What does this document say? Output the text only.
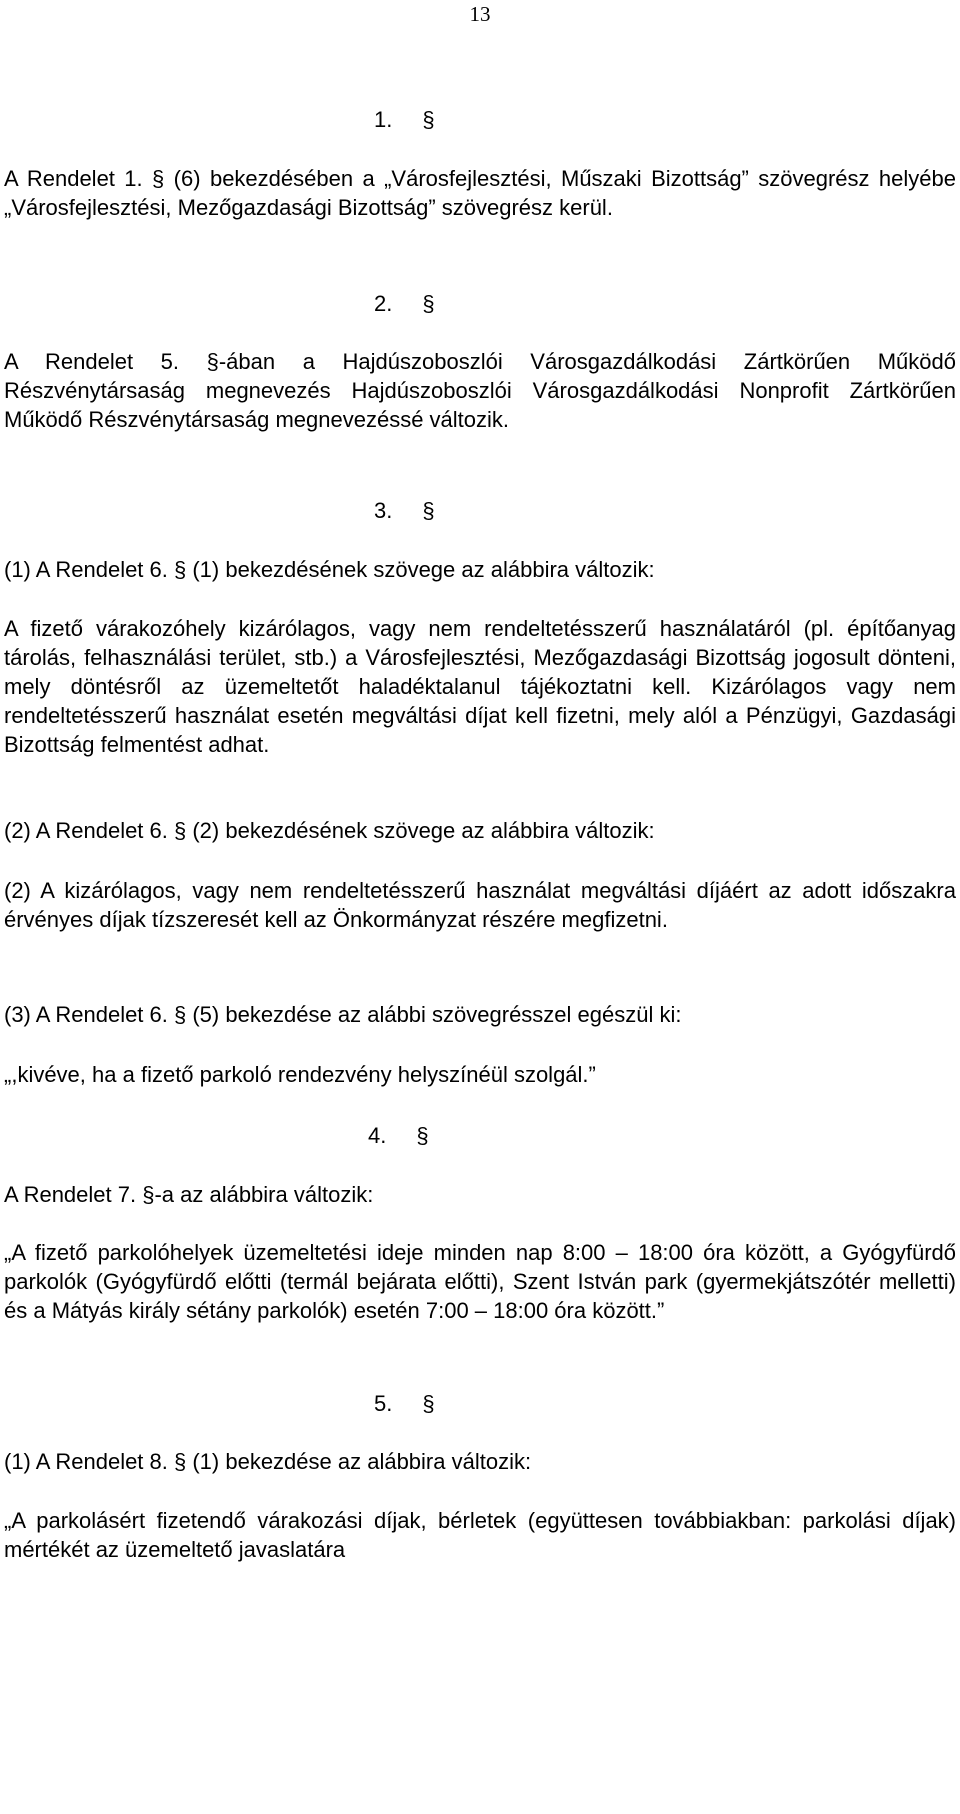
13
1. §
A Rendelet 1. § (6) bekezdésében a „Városfejlesztési, Műszaki Bizottság” szövegrész helyébe „Városfejlesztési, Mezőgazdasági Bizottság” szövegrész kerül.
2. §
A Rendelet 5. §-ában a Hajdúszoboszlói Városgazdálkodási Zártkörűen Működő Részvénytársaság megnevezés Hajdúszoboszlói Városgazdálkodási Nonprofit Zártkörűen Működő Részvénytársaság megnevezéssé változik.
3. §
(1) A Rendelet 6. § (1) bekezdésének szövege az alábbira változik:
A fizető várakozóhely kizárólagos, vagy nem rendeltetésszerű használatáról (pl. építőanyag tárolás, felhasználási terület, stb.) a Városfejlesztési, Mezőgazdasági Bizottság jogosult dönteni, mely döntésről az üzemeltetőt haladéktalanul tájékoztatni kell. Kizárólagos vagy nem rendeltetésszerű használat esetén megváltási díjat kell fizetni, mely alól a Pénzügyi, Gazdasági Bizottság felmentést adhat.
(2) A Rendelet 6. § (2) bekezdésének szövege az alábbira változik:
(2) A kizárólagos, vagy nem rendeltetésszerű használat megváltási díjáért az adott időszakra érvényes díjak tízszeresét kell az Önkormányzat részére megfizetni.
(3) A Rendelet 6. § (5) bekezdése az alábbi szövegrésszel egészül ki:
„,kivéve, ha a fizető parkoló rendezvény helyszínéül szolgál.”
4. §
A Rendelet 7. §-a az alábbira változik:
„A fizető parkolóhelyek üzemeltetési ideje minden nap 8:00 – 18:00 óra között, a Gyógyfürdő parkolók (Gyógyfürdő előtti (termál bejárata előtti), Szent István park (gyermekjátszótér melletti) és a Mátyás király sétány parkolók) esetén 7:00 – 18:00 óra között.”
5. §
(1) A Rendelet 8. § (1) bekezdése az alábbira változik:
„A parkolásért fizetendő várakozási díjak, bérletek (együttesen továbbiakban: parkolási díjak) mértékét az üzemeltető javaslatára
